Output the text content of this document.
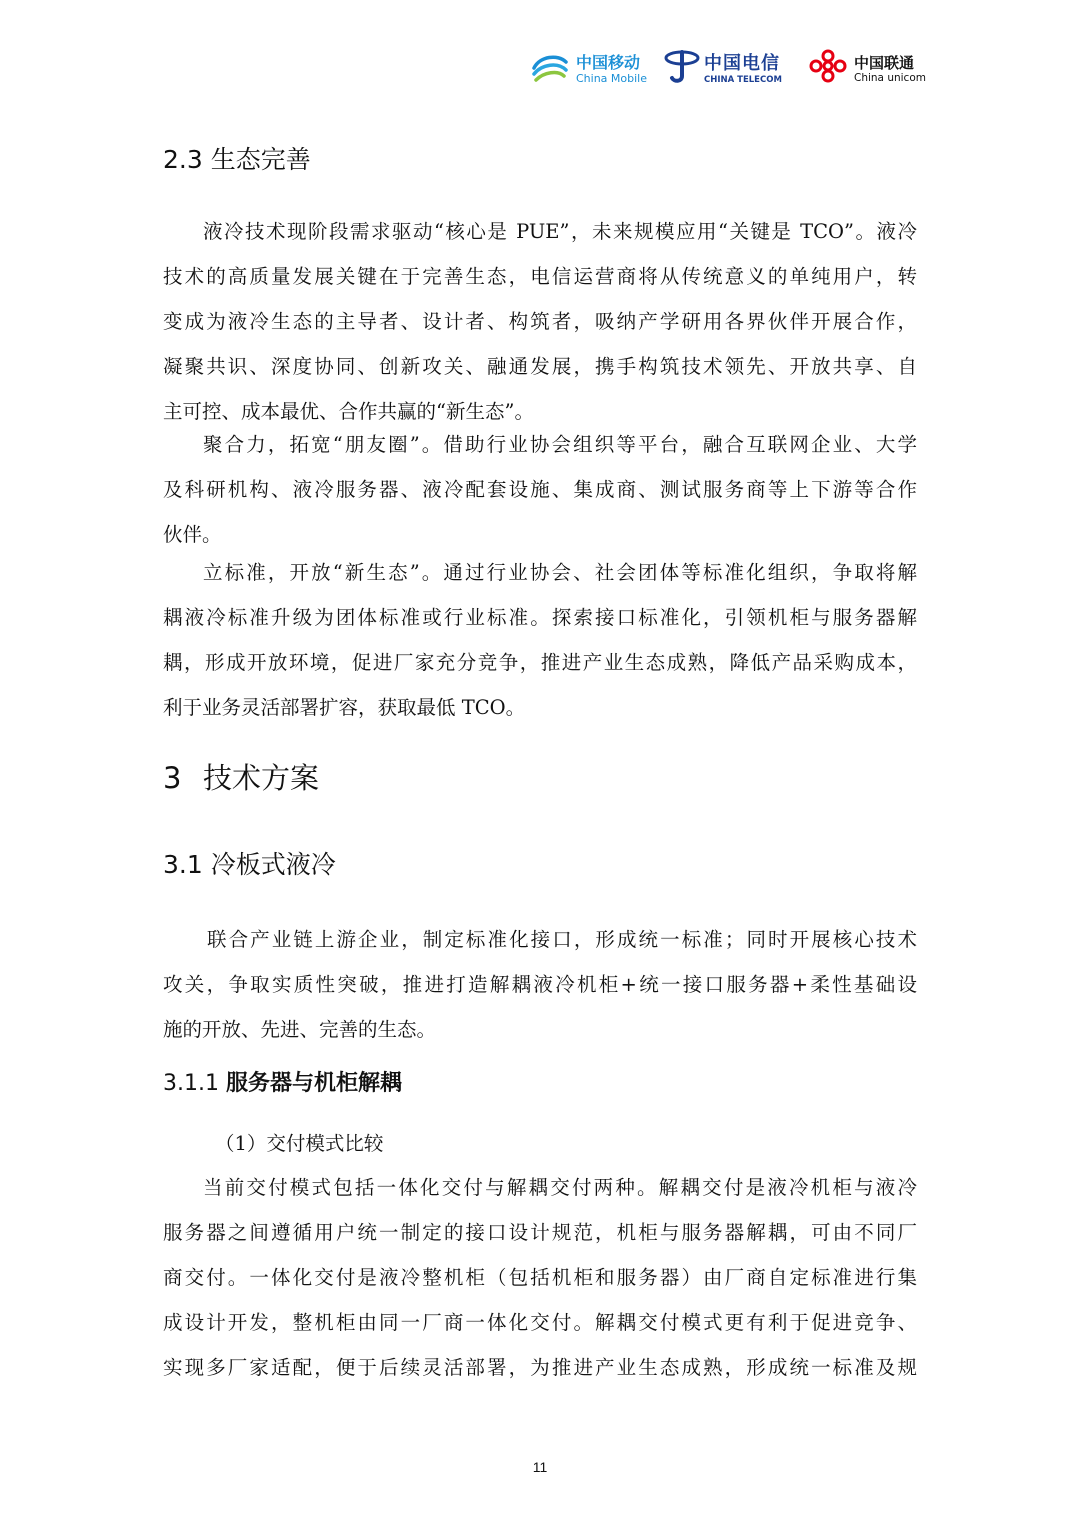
中国移动
China Mobile
中国电信
CHINA TELECOM
中国联通
China unicom
2.3 生态完善
液冷技术现阶段需求驱动“核心是 PUE”，未来规模应用“关键是 TCO”。液冷
技术的高质量发展关键在于完善生态，电信运营商将从传统意义的单纯用户，转
变成为液冷生态的主导者、设计者、构筑者，吸纳产学研用各界伙伴开展合作，
凝聚共识、深度协同、创新攻关、融通发展，携手构筑技术领先、开放共享、自
主可控、成本最优、合作共赢的“新生态”。
聚合力，拓宽“朋友圈”。借助行业协会组织等平台，融合互联网企业、大学
及科研机构、液冷服务器、液冷配套设施、集成商、测试服务商等上下游等合作
伙伴。
立标准，开放“新生态”。通过行业协会、社会团体等标准化组织，争取将解
耦液冷标准升级为团体标准或行业标准。探索接口标准化，引领机柜与服务器解
耦，形成开放环境，促进厂家充分竞争，推进产业生态成熟，降低产品采购成本，
利于业务灵活部署扩容，获取最低 TCO。
3 技术方案
3.1 冷板式液冷
联合产业链上游企业，制定标准化接口，形成统一标准；同时开展核心技术
攻关，争取实质性突破，推进打造解耦液冷机柜+统一接口服务器+柔性基础设
施的开放、先进、完善的生态。
3.1.1 服务器与机柜解耦
（1）交付模式比较
当前交付模式包括一体化交付与解耦交付两种。解耦交付是液冷机柜与液冷
服务器之间遵循用户统一制定的接口设计规范，机柜与服务器解耦，可由不同厂
商交付。一体化交付是液冷整机柜（包括机柜和服务器）由厂商自定标准进行集
成设计开发，整机柜由同一厂商一体化交付。解耦交付模式更有利于促进竞争、
实现多厂家适配，便于后续灵活部署，为推进产业生态成熟，形成统一标准及规
11
